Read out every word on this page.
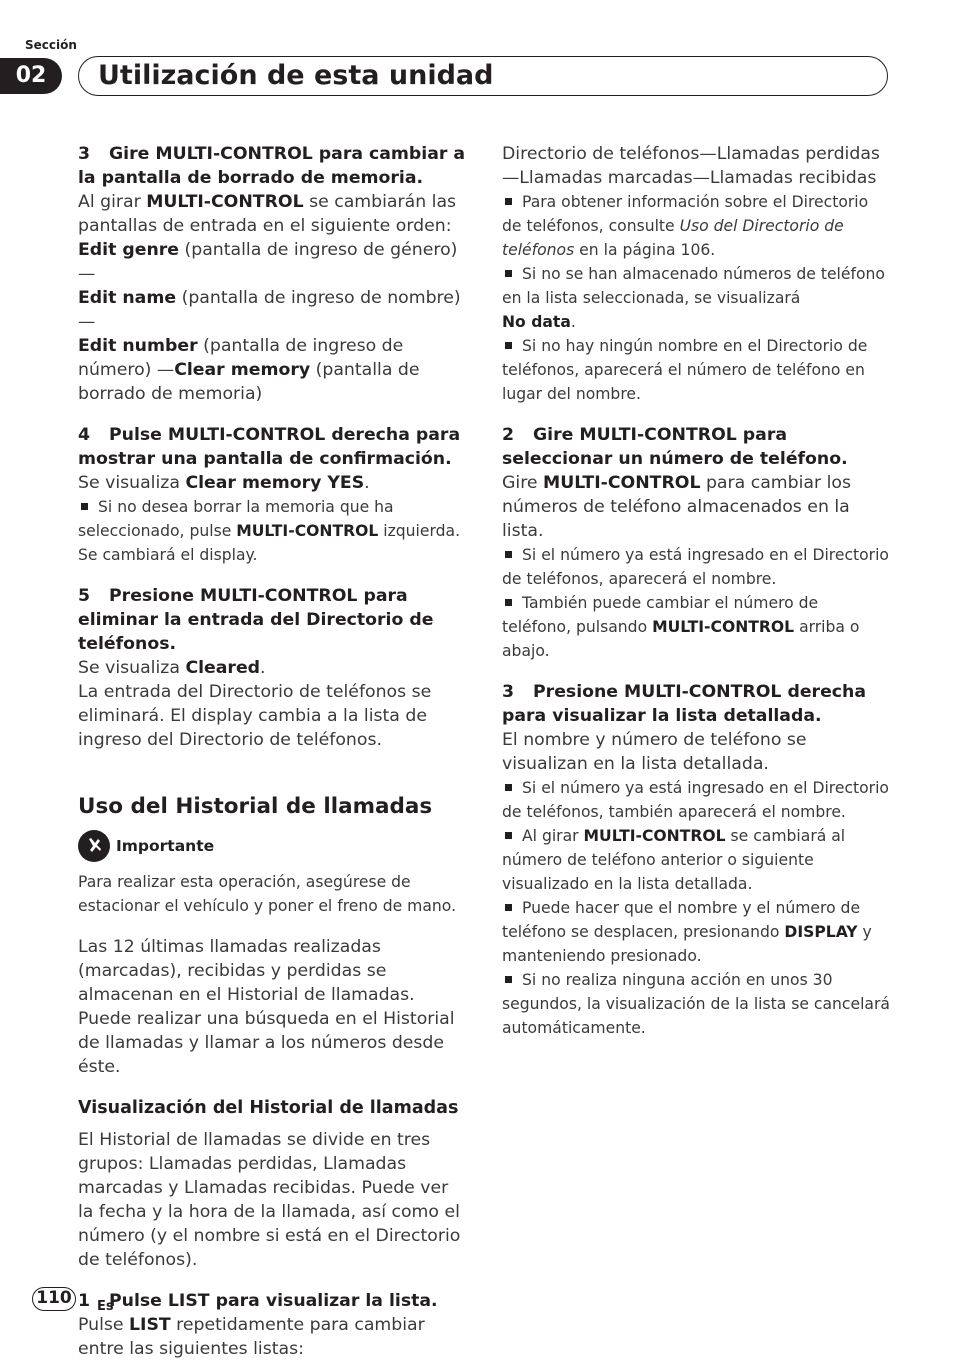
Sección
02	Utilización de esta unidad

3 Gire MULTI-CONTROL para cambiar a la pantalla de borrado de memoria.

Al girar MULTI-CONTROL se cambiarán las pantallas de entrada en el siguiente orden:

Edit genre (pantalla de ingreso de género)—
Edit name (pantalla de ingreso de nombre)—
Edit number (pantalla de ingreso de número) —Clear memory (pantalla de borrado de memoria)

4 Pulse MULTI-CONTROL derecha para mostrar una pantalla de confirmación.

Se visualiza Clear memory YES.

Si no desea borrar la memoria que ha seleccionado, pulse MULTI-CONTROL izquierda. Se cambiará el display.

5 Presione MULTI-CONTROL para eliminar la entrada del Directorio de teléfonos.

Se visualiza Cleared.

La entrada del Directorio de teléfonos se eliminará. El display cambia a la lista de ingreso del Directorio de teléfonos.

Uso del Historial de llamadas
Importante

Para realizar esta operación, asegúrese de estacionar el vehículo y poner el freno de mano.

Las 12 últimas llamadas realizadas (marcadas), recibidas y perdidas se almacenan en el Historial de llamadas. Puede realizar una búsqueda en el Historial de llamadas y llamar a los números desde éste.

Visualización del Historial de llamadas

El Historial de llamadas se divide en tres grupos: Llamadas perdidas, Llamadas marcadas y Llamadas recibidas. Puede ver la fecha y la hora de la llamada, así como el número (y el nombre si está en el Directorio de teléfonos).

1 Pulse LIST para visualizar la lista.

Pulse LIST repetidamente para cambiar entre las siguientes listas:

Directorio de teléfonos—Llamadas perdidas—Llamadas marcadas—Llamadas recibidas

Para obtener información sobre el Directorio de teléfonos, consulte Uso del Directorio de teléfonos en la página 106.

Si no se han almacenado números de teléfono en la lista seleccionada, se visualizará
No data.

Si no hay ningún nombre en el Directorio de teléfonos, aparecerá el número de teléfono en lugar del nombre.

2 Gire MULTI-CONTROL para seleccionar un número de teléfono.

Gire MULTI-CONTROL para cambiar los números de teléfono almacenados en la lista.

Si el número ya está ingresado en el Directorio de teléfonos, aparecerá el nombre.

También puede cambiar el número de teléfono, pulsando MULTI-CONTROL arriba o abajo.

3 Presione MULTI-CONTROL derecha para visualizar la lista detallada.

El nombre y número de teléfono se visualizan en la lista detallada.

Si el número ya está ingresado en el Directorio de teléfonos, también aparecerá el nombre.

Al girar MULTI-CONTROL se cambiará al número de teléfono anterior o siguiente visualizado en la lista detallada.

Puede hacer que el nombre y el número de teléfono se desplacen, presionando DISPLAY y manteniendo presionado.

Si no realiza ninguna acción en unos 30 segundos, la visualización de la lista se cancelará automáticamente.

110	Es
